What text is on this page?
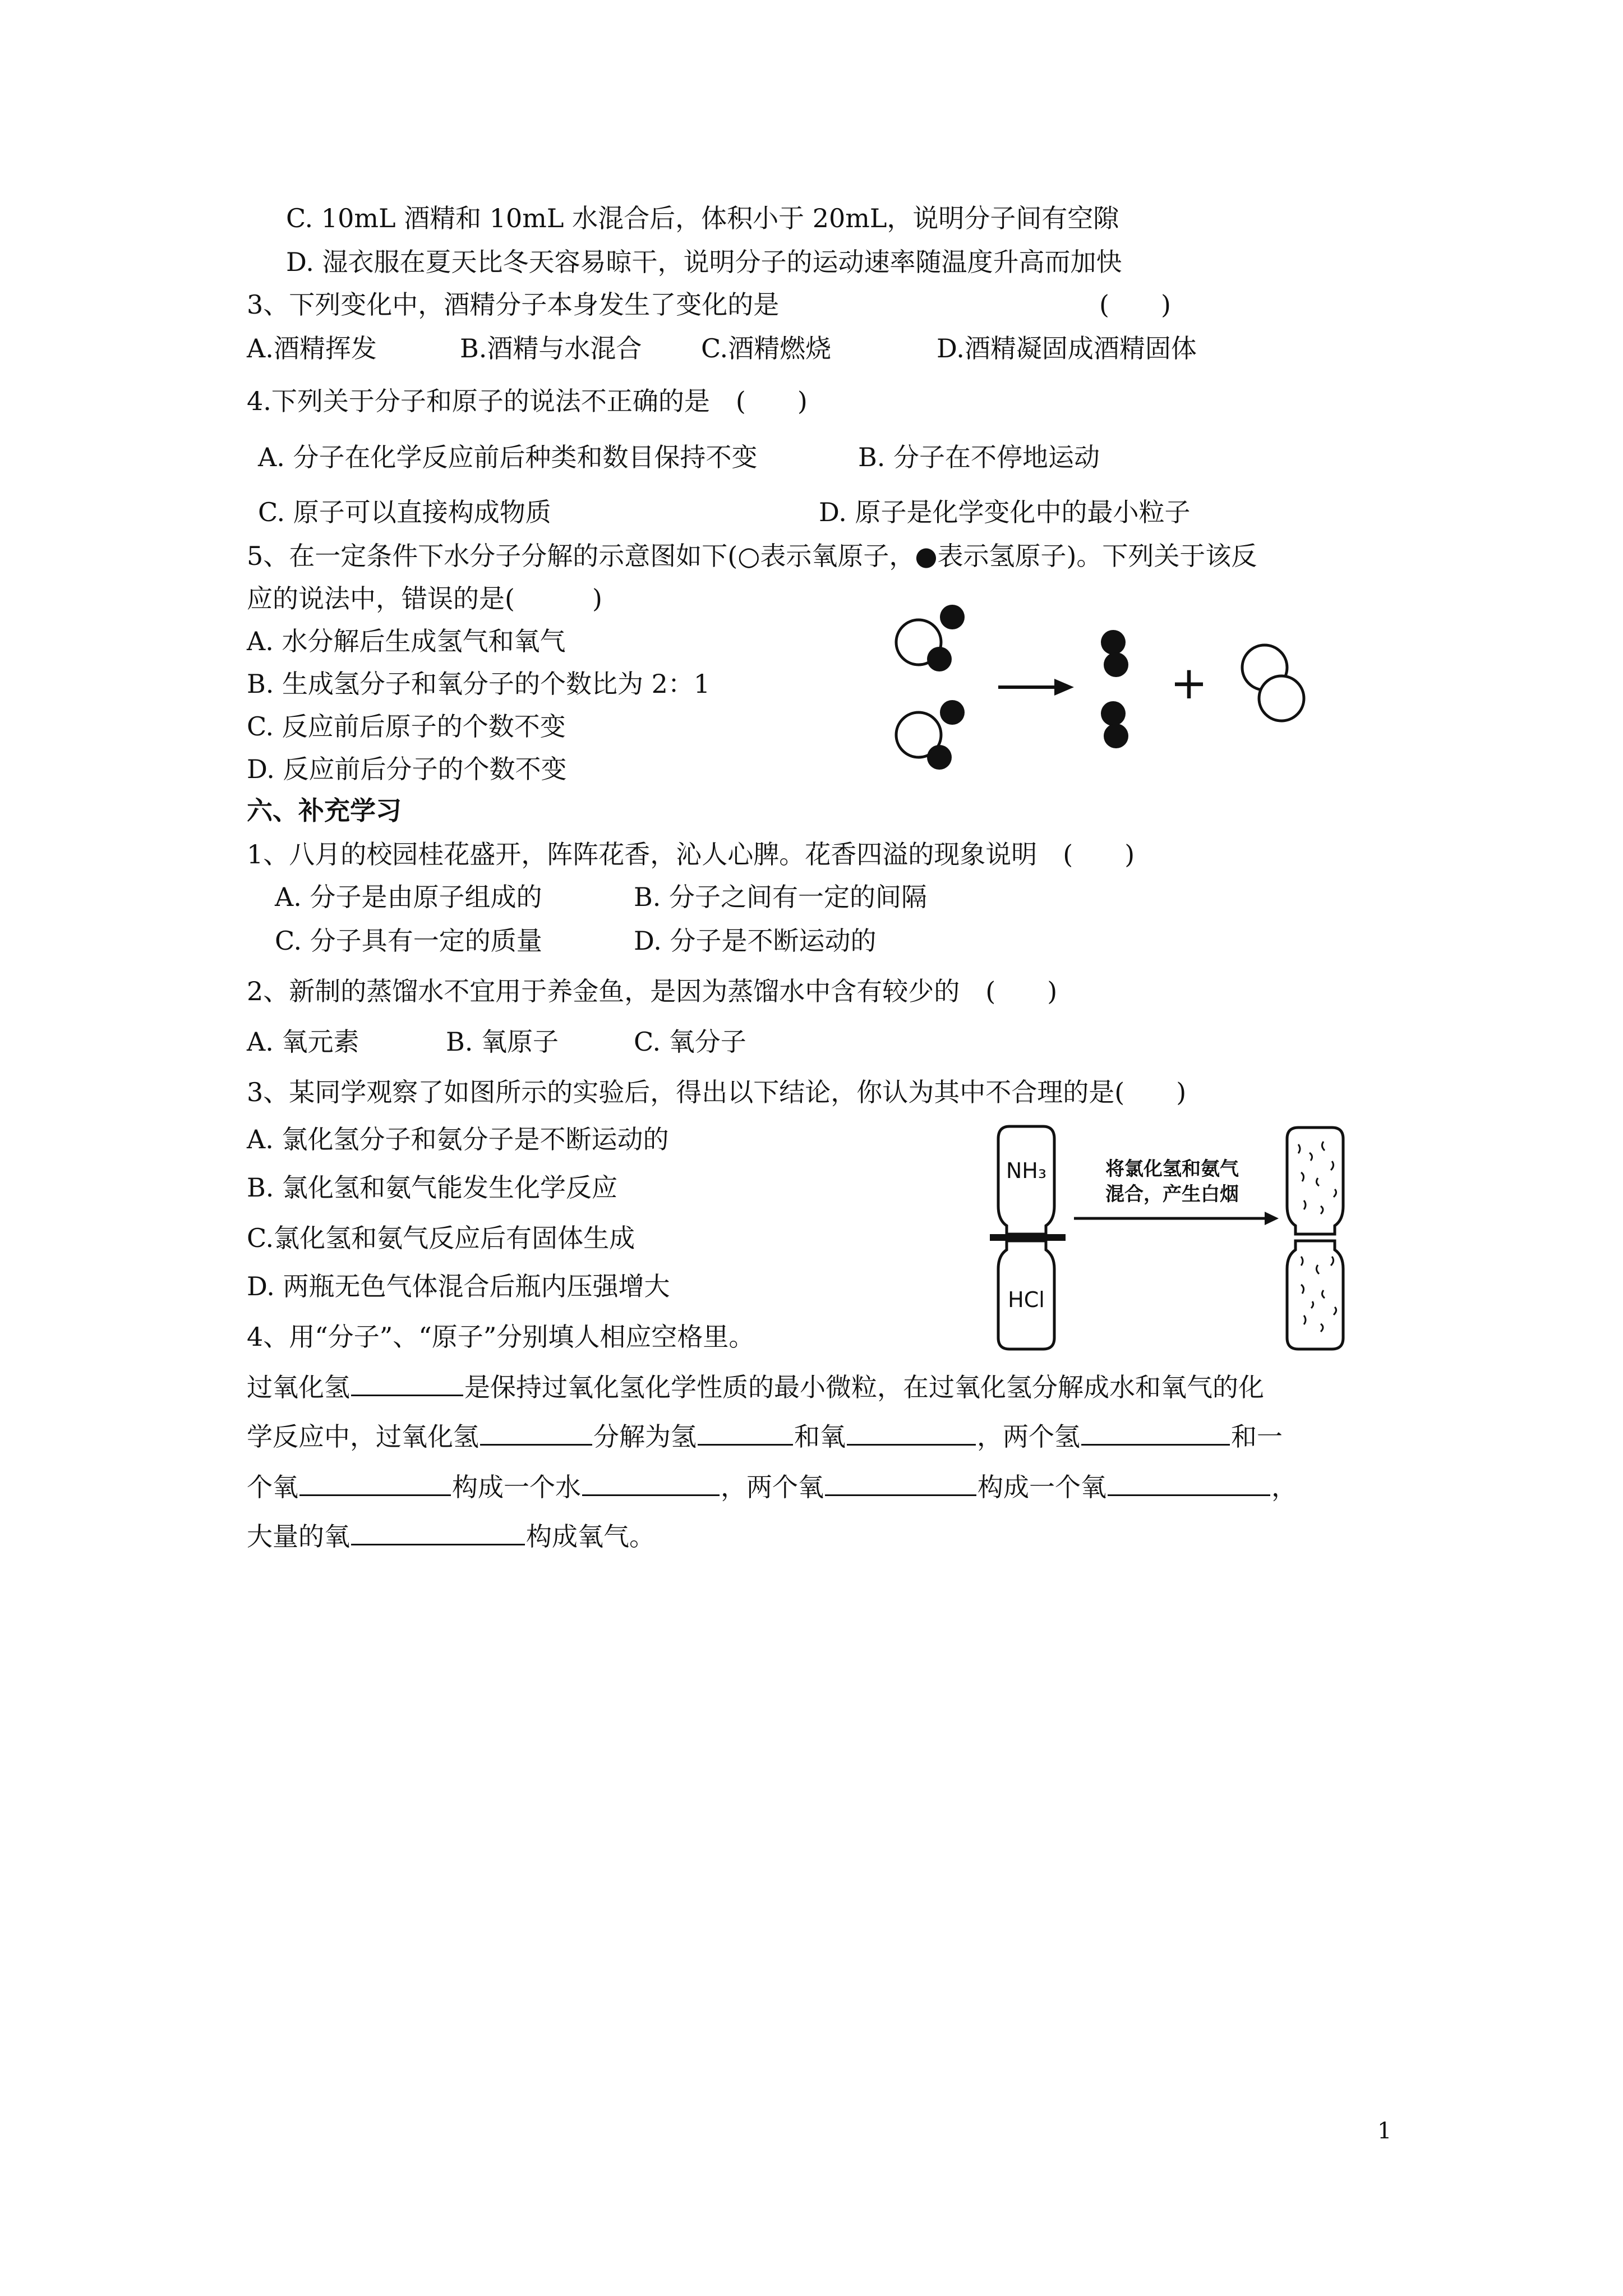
C. 10mL 酒精和 10mL 水混合后，体积小于 20mL，说明分子间有空隙
D. 湿衣服在夏天比冬天容易晾干，说明分子的运动速率随温度升高而加快
3、下列变化中，酒精分子本身发生了变化的是	(　　)
A.酒精挥发	B.酒精与水混合 C.酒精燃烧	D.酒精凝固成酒精固体
4.下列关于分子和原子的说法不正确的是　(　　)
A. 分子在化学反应前后种类和数目保持不变	B. 分子在不停地运动
C. 原子可以直接构成物质	D. 原子是化学变化中的最小粒子
5、在一定条件下水分子分解的示意图如下(○表示氧原子，●表示氢原子)。下列关于该反
应的说法中，错误的是(　　　)
A. 水分解后生成氢气和氧气
B. 生成氢分子和氧分子的个数比为 2：1
C. 反应前后原子的个数不变
D. 反应前后分子的个数不变
+
六、补充学习
1、八月的校园桂花盛开，阵阵花香，沁人心脾。花香四溢的现象说明　(　　)
A. 分子是由原子组成的	B. 分子之间有一定的间隔
C. 分子具有一定的质量	D. 分子是不断运动的
2、新制的蒸馏水不宜用于养金鱼，是因为蒸馏水中含有较少的　(　　)
A. 氧元素	B. 氧原子	C. 氧分子
3、某同学观察了如图所示的实验后，得出以下结论，你认为其中不合理的是(　　)
A. 氯化氢分子和氨分子是不断运动的
B. 氯化氢和氨气能发生化学反应
C.氯化氢和氨气反应后有固体生成
D. 两瓶无色气体混合后瓶内压强增大
NH₃
HCl
将氯化氢和氨气
混合，产生白烟
4、用“分子”、“原子”分别填人相应空格里。
过氧化氢	是保持过氧化氢化学性质的最小微粒，在过氧化氢分解成水和氧气的化
学反应中，过氧化氢	分解为氢	和氧	，两个氢	和一
个氧	构成一个水	，两个氧	构成一个氧	，
大量的氧	构成氧气。
1
